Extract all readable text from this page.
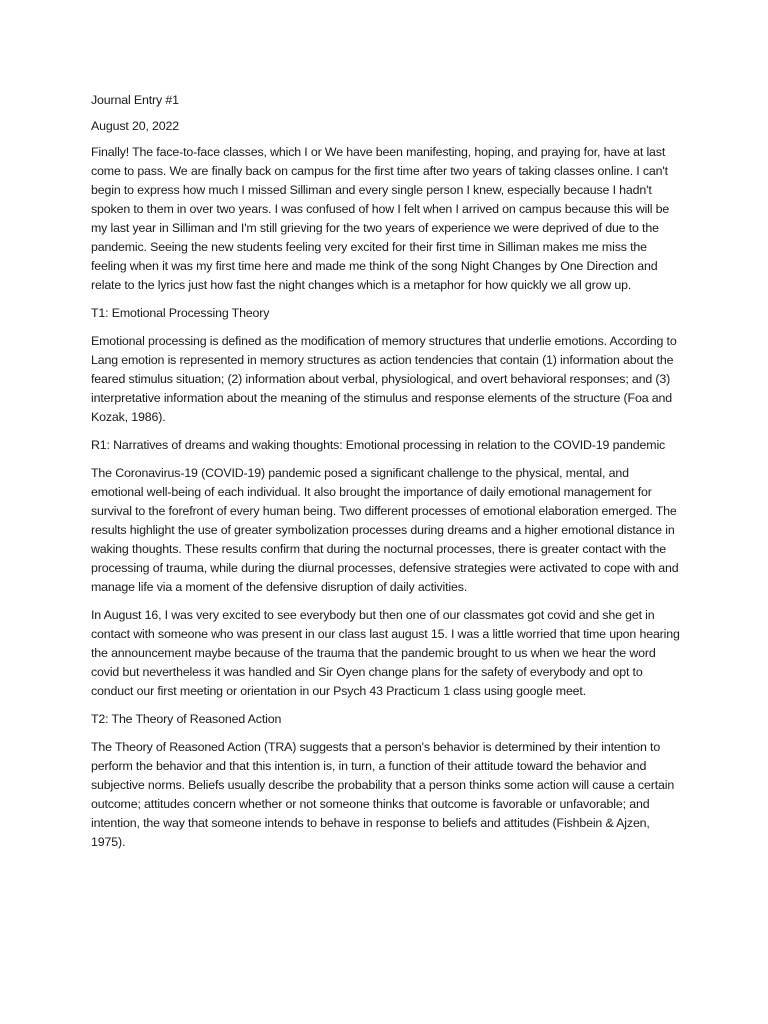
Journal Entry #1

August 20, 2022

Finally! The face-to-face classes, which I or We have been manifesting, hoping, and praying for, have at last come to pass. We are finally back on campus for the first time after two years of taking classes online. I can't begin to express how much I missed Silliman and every single person I knew, especially because I hadn't spoken to them in over two years. I was confused of how I felt when I arrived on campus because this will be my last year in Silliman and I'm still grieving for the two years of experience we were deprived of due to the pandemic. Seeing the new students feeling very excited for their first time in Silliman makes me miss the feeling when it was my first time here and made me think of the song Night Changes by One Direction and relate to the lyrics just how fast the night changes which is a metaphor for how quickly we all grow up.

T1: Emotional Processing Theory

Emotional processing is defined as the modification of memory structures that underlie emotions. According to Lang emotion is represented in memory structures as action tendencies that contain (1) information about the feared stimulus situation; (2) information about verbal, physiological, and overt behavioral responses; and (3) interpretative information about the meaning of the stimulus and response elements of the structure (Foa and Kozak, 1986).

R1: Narratives of dreams and waking thoughts: Emotional processing in relation to the COVID-19 pandemic

The Coronavirus-19 (COVID-19) pandemic posed a significant challenge to the physical, mental, and emotional well-being of each individual. It also brought the importance of daily emotional management for survival to the forefront of every human being. Two different processes of emotional elaboration emerged. The results highlight the use of greater symbolization processes during dreams and a higher emotional distance in waking thoughts. These results confirm that during the nocturnal processes, there is greater contact with the processing of trauma, while during the diurnal processes, defensive strategies were activated to cope with and manage life via a moment of the defensive disruption of daily activities.

In August 16, I was very excited to see everybody but then one of our classmates got covid and she get in contact with someone who was present in our class last august 15. I was a little worried that time upon hearing the announcement maybe because of the trauma that the pandemic brought to us when we hear the word covid but nevertheless it was handled and Sir Oyen change plans for the safety of everybody and opt to conduct our first meeting or orientation in our Psych 43 Practicum 1 class using google meet.

T2: The Theory of Reasoned Action

The Theory of Reasoned Action (TRA) suggests that a person's behavior is determined by their intention to perform the behavior and that this intention is, in turn, a function of their attitude toward the behavior and subjective norms. Beliefs usually describe the probability that a person thinks some action will cause a certain outcome; attitudes concern whether or not someone thinks that outcome is favorable or unfavorable; and intention, the way that someone intends to behave in response to beliefs and attitudes (Fishbein & Ajzen, 1975).
